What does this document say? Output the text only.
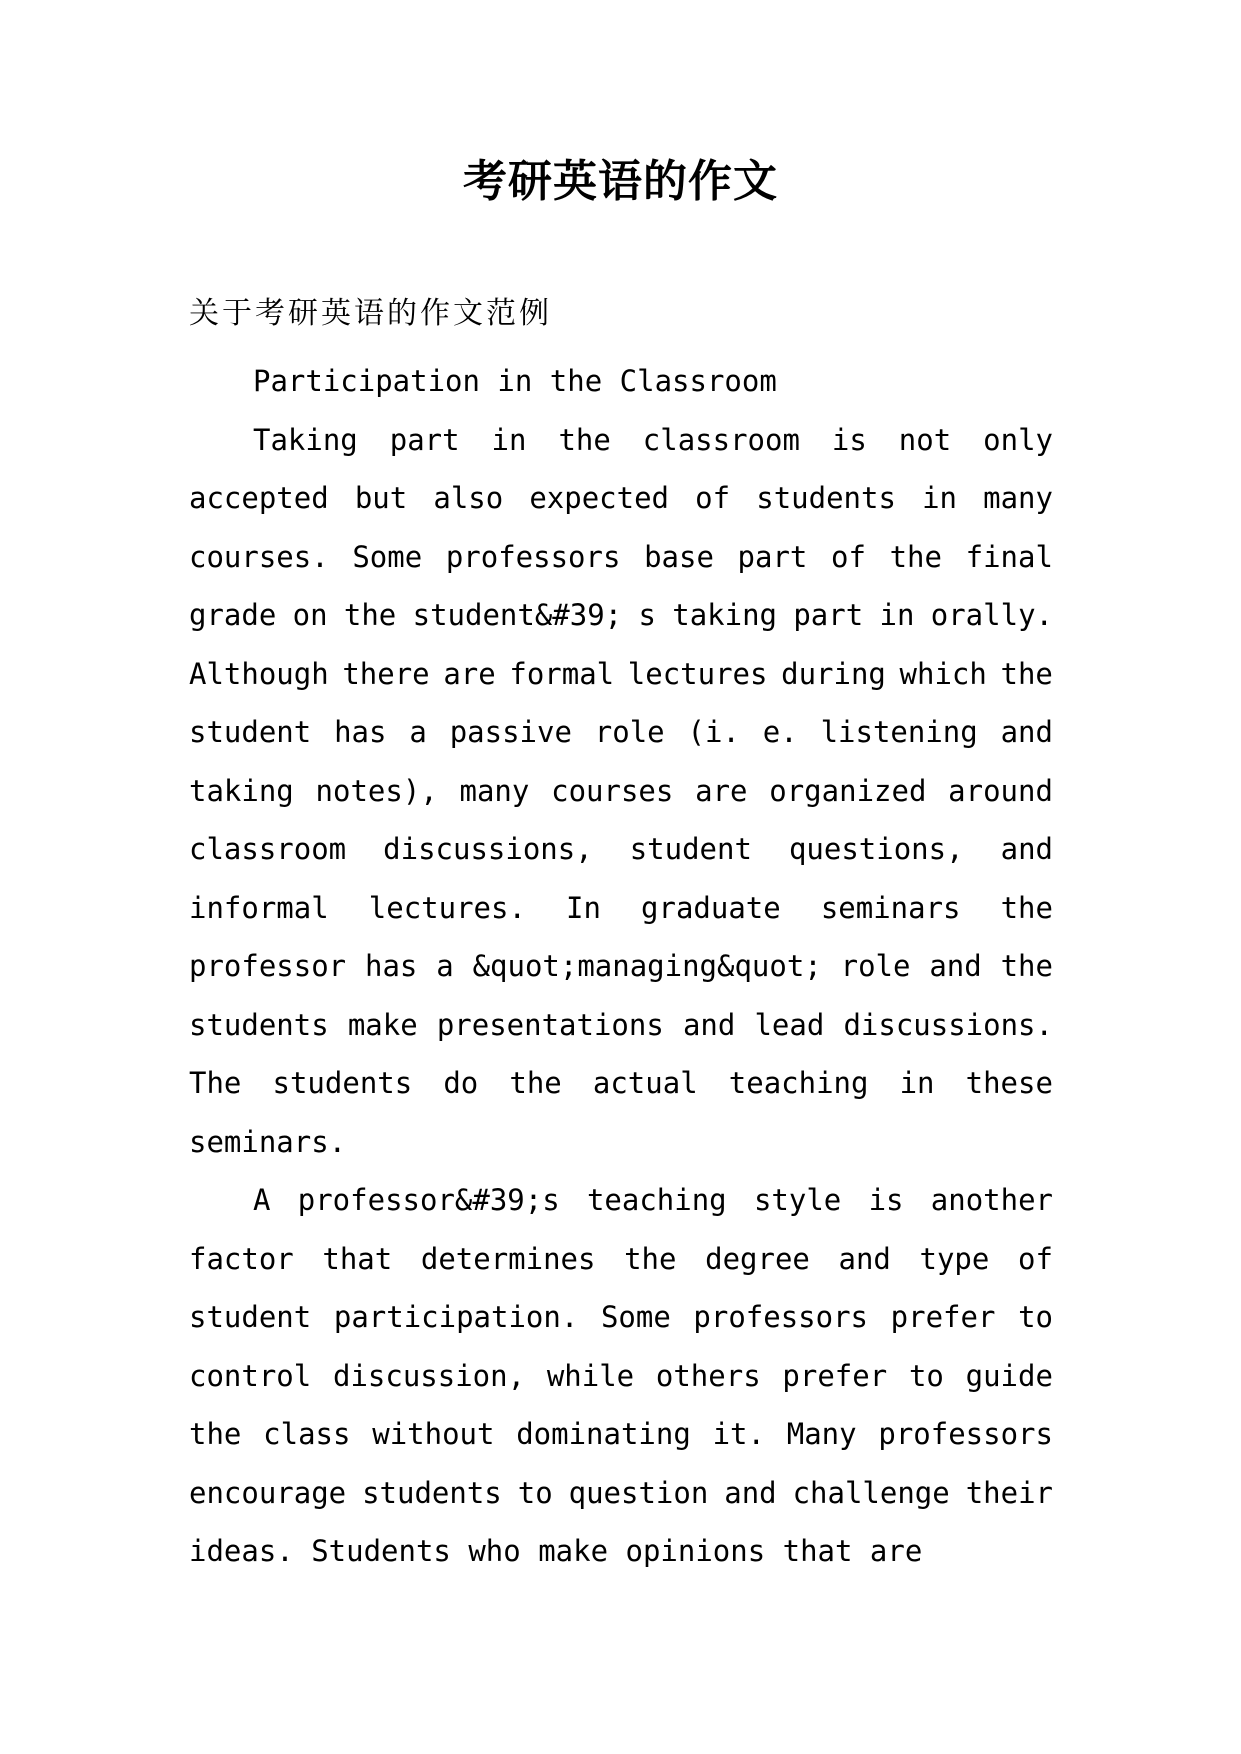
考研英语的作文

关于考研英语的作文范例

Participation in the Classroom
Taking part in the classroom is not only
accepted but also expected of students in many
courses. Some professors base part of the final
grade on the student&#39; s taking part in orally.
Although there are formal lectures during which the
student has a passive role (i. e. listening and
taking notes), many courses are organized around
classroom discussions, student questions, and
informal lectures. In graduate seminars the
professor has a &quot;managing&quot; role and the
students make presentations and lead discussions.
The students do the actual teaching in these
seminars.
A professor&#39;s teaching style is another
factor that determines the degree and type of
student participation. Some professors prefer to
control discussion, while others prefer to guide
the class without dominating it. Many professors
encourage students to question and challenge their
ideas. Students who make opinions that are
